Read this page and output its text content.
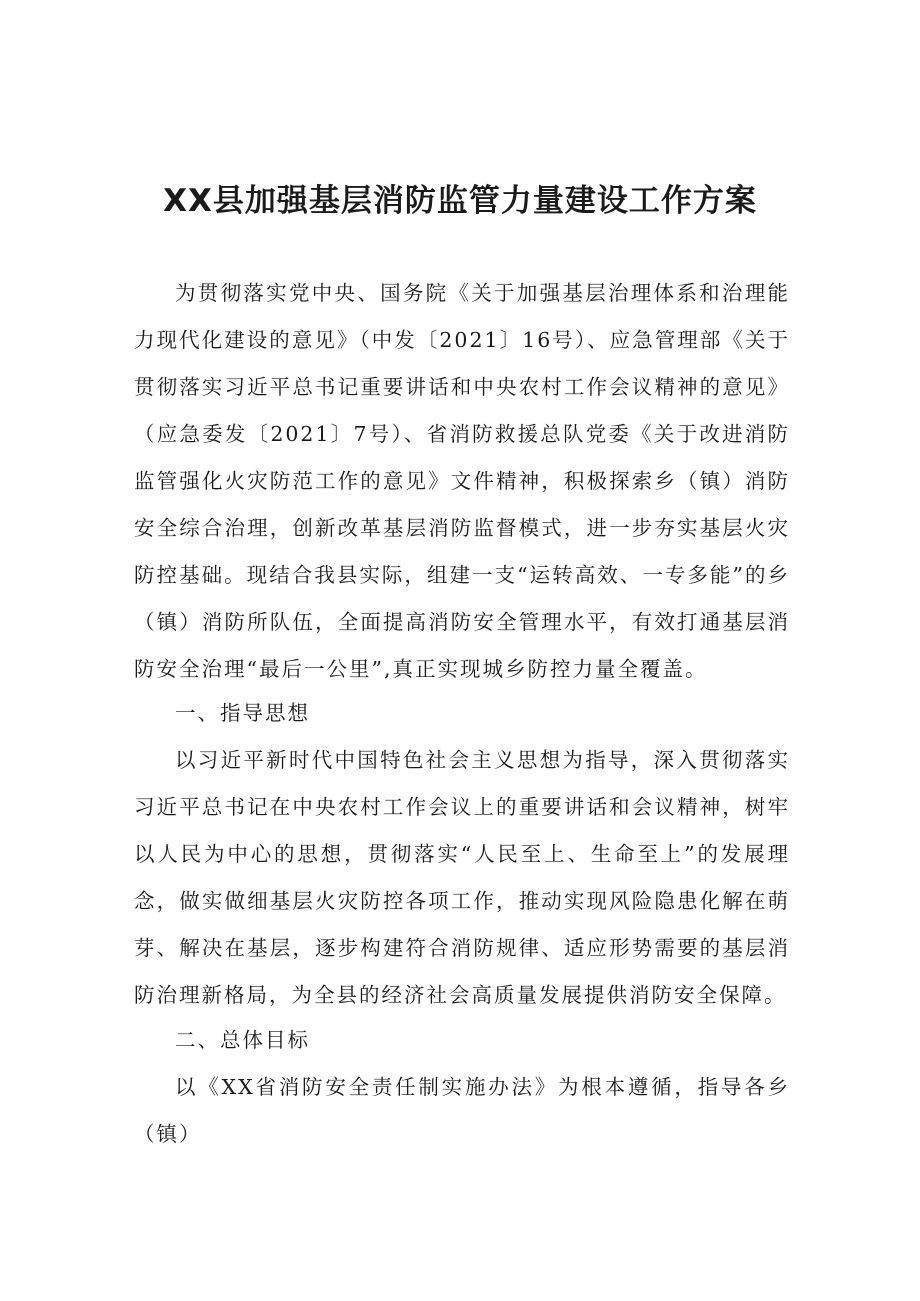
XX县加强基层消防监管力量建设工作方案

为贯彻落实党中央、国务院《关于加强基层治理体系和治理能力现代化建设的意见》（中发〔2021〕16号）、应急管理部《关于贯彻落实习近平总书记重要讲话和中央农村工作会议精神的意见》（应急委发〔2021〕7号）、省消防救援总队党委《关于改进消防监管强化火灾防范工作的意见》文件精神，积极探索乡（镇）消防安全综合治理，创新改革基层消防监督模式，进一步夯实基层火灾防控基础。现结合我县实际，组建一支“运转高效、一专多能”的乡（镇）消防所队伍，全面提高消防安全管理水平，有效打通基层消防安全治理“最后一公里”,真正实现城乡防控力量全覆盖。

一、指导思想

以习近平新时代中国特色社会主义思想为指导，深入贯彻落实习近平总书记在中央农村工作会议上的重要讲话和会议精神，树牢以人民为中心的思想，贯彻落实“人民至上、生命至上”的发展理念，做实做细基层火灾防控各项工作，推动实现风险隐患化解在萌芽、解决在基层，逐步构建符合消防规律、适应形势需要的基层消防治理新格局，为全县的经济社会高质量发展提供消防安全保障。

二、总体目标

以《XX省消防安全责任制实施办法》为根本遵循，指导各乡（镇）
